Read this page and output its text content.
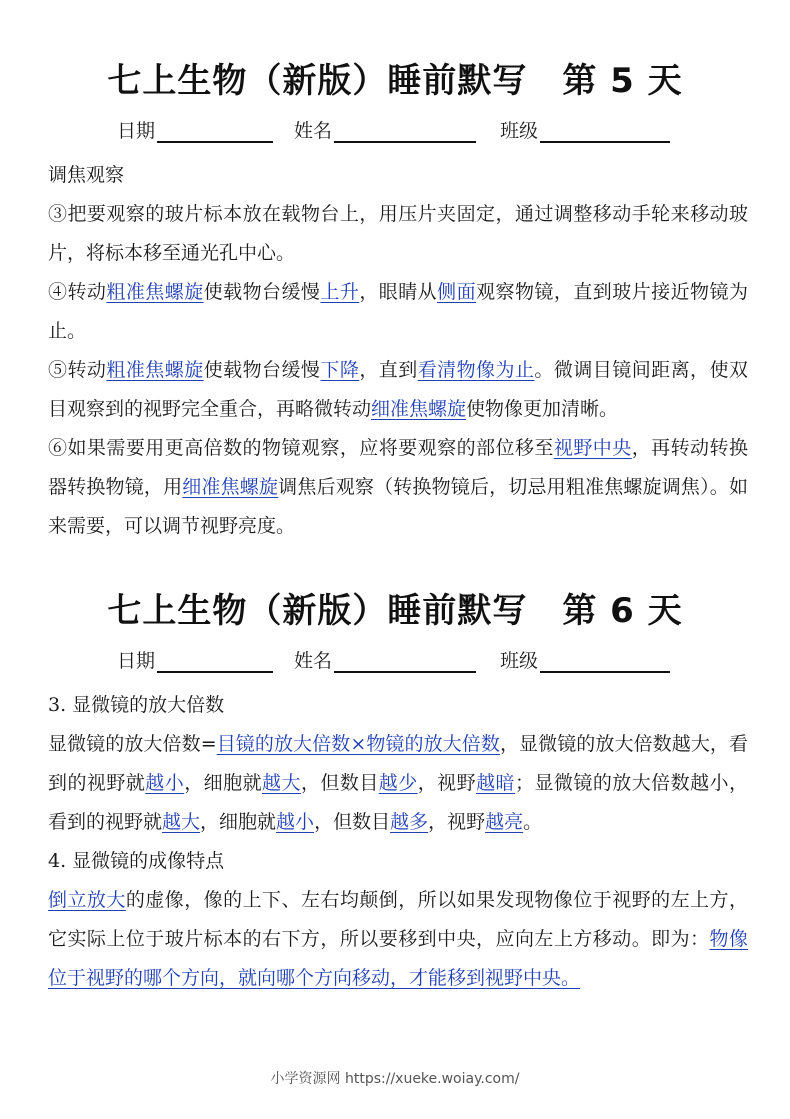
七上生物（新版）睡前默写　第 5 天
日期	姓名	班级

调焦观察

③把要观察的玻片标本放在载物台上，用压片夹固定，通过调整移动手轮来移动玻片，将标本移至通光孔中心。

④转动粗准焦螺旋使载物台缓慢上升，眼睛从侧面观察物镜，直到玻片接近物镜为止。

⑤转动粗准焦螺旋使载物台缓慢下降，直到看清物像为止。微调目镜间距离，使双目观察到的视野完全重合，再略微转动细准焦螺旋使物像更加清晰。

⑥如果需要用更高倍数的物镜观察，应将要观察的部位移至视野中央，再转动转换器转换物镜，用细准焦螺旋调焦后观察（转换物镜后，切忌用粗准焦螺旋调焦）。如来需要，可以调节视野亮度。

七上生物（新版）睡前默写　第 6 天
日期	姓名	班级

3. 显微镜的放大倍数

显微镜的放大倍数=目镜的放大倍数×物镜的放大倍数，显微镜的放大倍数越大，看到的视野就越小，细胞就越大，但数目越少，视野越暗；显微镜的放大倍数越小，看到的视野就越大，细胞就越小，但数目越多，视野越亮。

4. 显微镜的成像特点

倒立放大的虚像，像的上下、左右均颠倒，所以如果发现物像位于视野的左上方，它实际上位于玻片标本的右下方，所以要移到中央，应向左上方移动。即为：物像位于视野的哪个方向，就向哪个方向移动，才能移到视野中央。

小学资源网 https://xueke.woiay.com/
